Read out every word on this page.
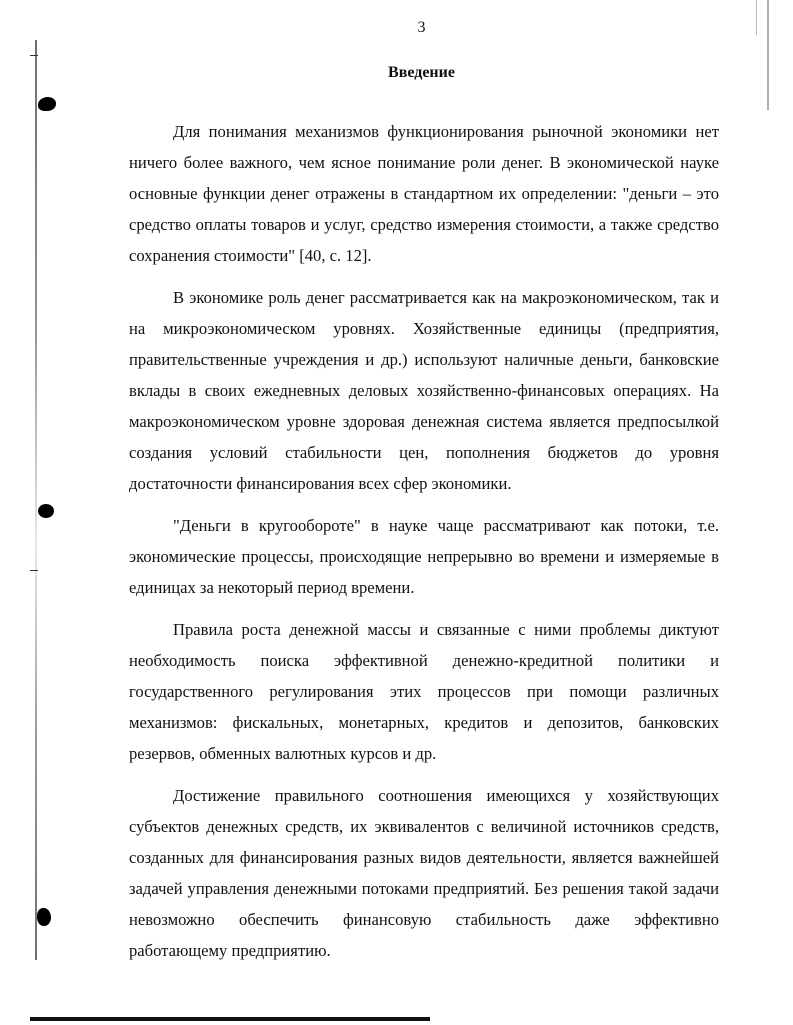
3
Введение

Для понимания механизмов функционирования рыночной экономики нет ничего более важного, чем ясное понимание роли денег. В экономической науке основные функции денег отражены в стандартном их определении: "деньги – это средство оплаты товаров и услуг, средство измерения стоимости, а также средство сохранения стоимости" [40, с. 12].

В экономике роль денег рассматривается как на макроэкономическом, так и на микроэкономическом уровнях. Хозяйственные единицы (предприятия, правительственные учреждения и др.) используют наличные деньги, банковские вклады в своих ежедневных деловых хозяйственно-финансовых операциях. На макроэкономическом уровне здоровая денежная система является предпосылкой создания условий стабильности цен, пополнения бюджетов до уровня достаточности финансирования всех сфер экономики.

"Деньги в кругообороте" в науке чаще рассматривают как потоки, т.е. экономические процессы, происходящие непрерывно во времени и измеряемые в единицах за некоторый период времени.

Правила роста денежной массы и связанные с ними проблемы диктуют необходимость поиска эффективной денежно-кредитной политики и государственного регулирования этих процессов при помощи различных механизмов: фискальных, монетарных, кредитов и депозитов, банковских резервов, обменных валютных курсов и др.

Достижение правильного соотношения имеющихся у хозяйствующих субъектов денежных средств, их эквивалентов с величиной источников средств, созданных для финансирования разных видов деятельности, является важнейшей задачей управления денежными потоками предприятий. Без решения такой задачи невозможно обеспечить финансовую стабильность даже эффективно работающему предприятию.
